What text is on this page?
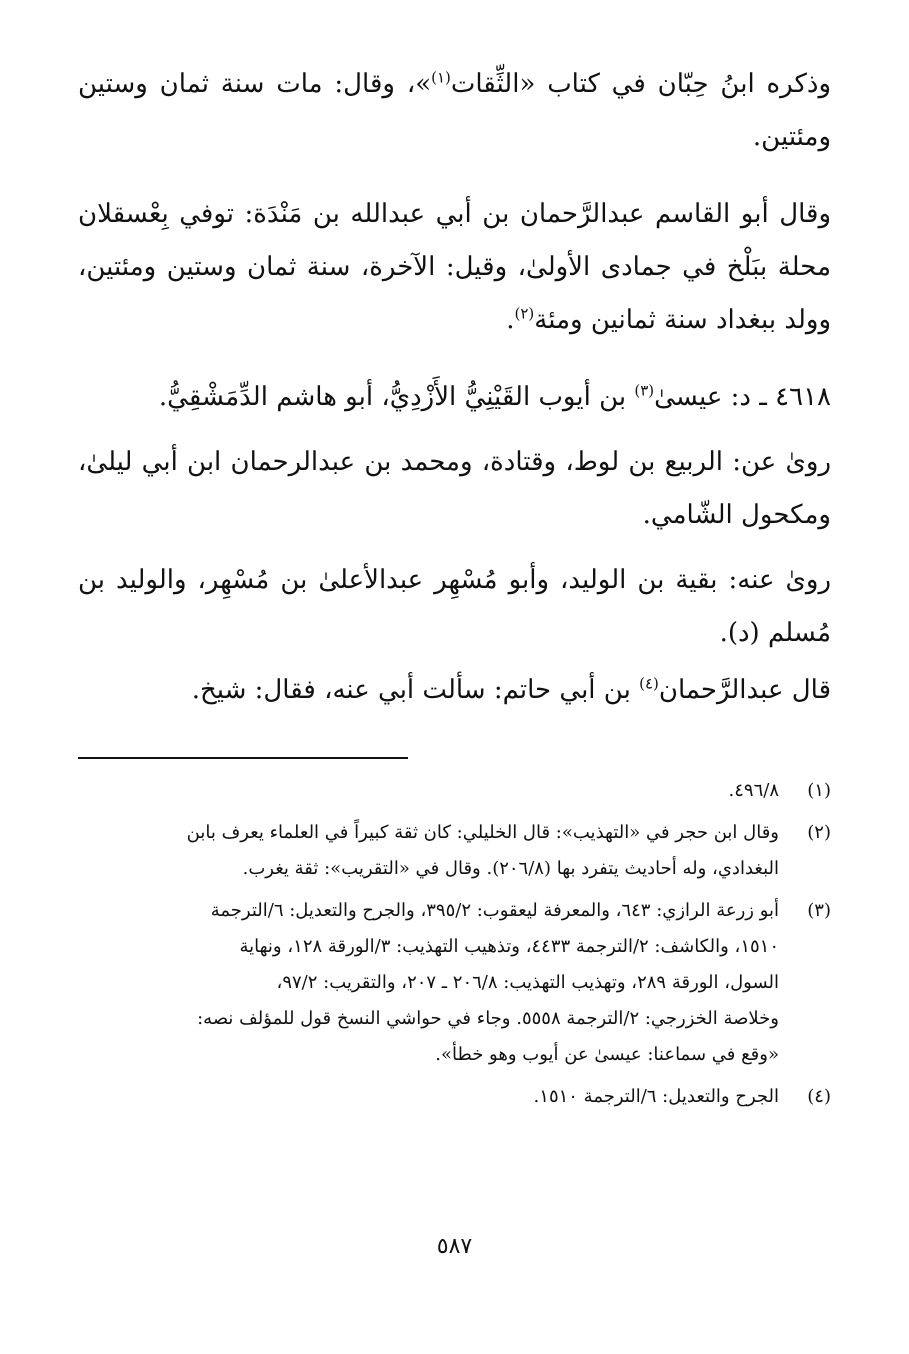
وذكره ابنُ حِبّان في كتاب «الثِّقات$^{(١)}$»، وقال: مات سنة ثمان وستين ومئتين.

وقال أبو القاسم عبدالرَّحمان بن أبي عبدالله بن مَنْدَة: توفي بِعْسقلان محلة ببَلْخ في جمادى الأولىٰ، وقيل: الآخرة، سنة ثمان وستين ومئتين، وولد ببغداد سنة ثمانين ومئة$^{(٢)}$.

٤٦١٨ ـ د: عيسىٰ$^{(٣)}$ بن أيوب القَيْنِيُّ الأَزْدِيُّ، أبو هاشم الدِّمَشْقِيُّ.

روىٰ عن: الربيع بن لوط، وقتادة، ومحمد بن عبدالرحمان ابن أبي ليلىٰ، ومكحول الشّامي.

روىٰ عنه: بقية بن الوليد، وأبو مُسْهِر عبدالأعلىٰ بن مُسْهِر، والوليد بن مُسلم (د).

قال عبدالرَّحمان$^{(٤)}$ بن أبي حاتم: سألت أبي عنه، فقال: شيخ.

(١)
٤٩٦/٨.
(٢)
وقال ابن حجر في «التهذيب»: قال الخليلي: كان ثقة كبيراً في العلماء يعرف بابن
البغدادي، وله أحاديث يتفرد بها (٢٠٦/٨). وقال في «التقريب»: ثقة يغرب.
(٣)
أبو زرعة الرازي: ٦٤٣، والمعرفة ليعقوب: ٣٩٥/٢، والجرح والتعديل: ٦/الترجمة
١٥١٠، والكاشف: ٢/الترجمة ٤٤٣٣، وتذهيب التهذيب: ٣/الورقة ١٢٨، ونهاية
السول، الورقة ٢٨٩، وتهذيب التهذيب: ٢٠٦/٨ ـ ٢٠٧، والتقريب: ٩٧/٢،
وخلاصة الخزرجي: ٢/الترجمة ٥٥٥٨. وجاء في حواشي النسخ قول للمؤلف نصه:
«وقع في سماعنا: عيسىٰ عن أيوب وهو خطأ».
(٤)
الجرح والتعديل: ٦/الترجمة ١٥١٠.
٥٨٧
